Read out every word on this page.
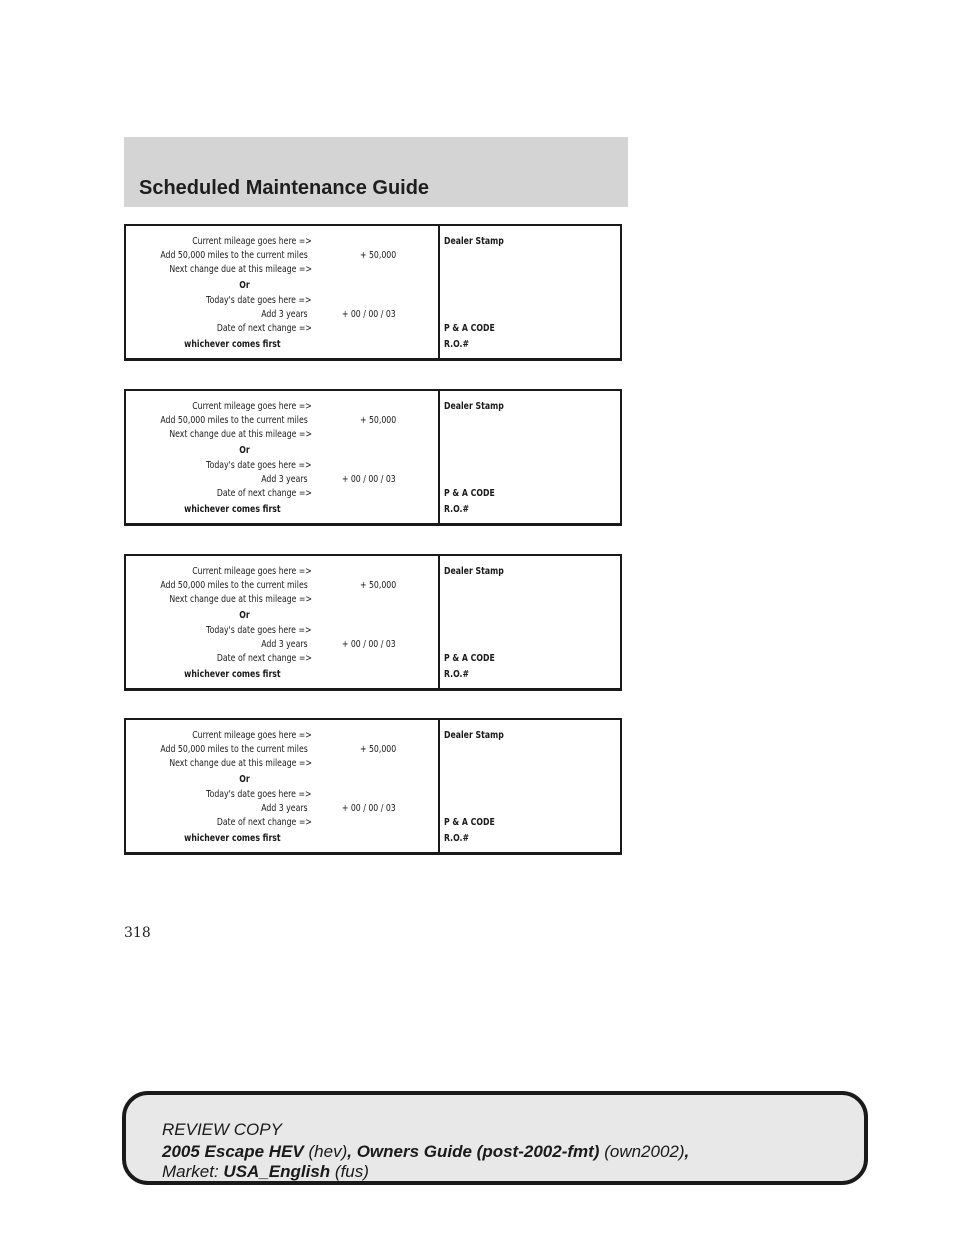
Scheduled Maintenance Guide
Current mileage goes here =>
Add 50,000 miles to the current miles	+ 50,000
Next change due at this mileage =>
Or
Today's date goes here =>
Add 3 years	+ 00 / 00 / 03
Date of next change =>
whichever comes first
Dealer Stamp
P & A CODE
R.O.#
Current mileage goes here =>
Add 50,000 miles to the current miles	+ 50,000
Next change due at this mileage =>
Or
Today's date goes here =>
Add 3 years	+ 00 / 00 / 03
Date of next change =>
whichever comes first
Dealer Stamp
P & A CODE
R.O.#
Current mileage goes here =>
Add 50,000 miles to the current miles	+ 50,000
Next change due at this mileage =>
Or
Today's date goes here =>
Add 3 years	+ 00 / 00 / 03
Date of next change =>
whichever comes first
Dealer Stamp
P & A CODE
R.O.#
Current mileage goes here =>
Add 50,000 miles to the current miles	+ 50,000
Next change due at this mileage =>
Or
Today's date goes here =>
Add 3 years	+ 00 / 00 / 03
Date of next change =>
whichever comes first
Dealer Stamp
P & A CODE
R.O.#
318
REVIEW COPY
2005 Escape HEV (hev), Owners Guide (post-2002-fmt) (own2002),
Market: USA_English (fus)
